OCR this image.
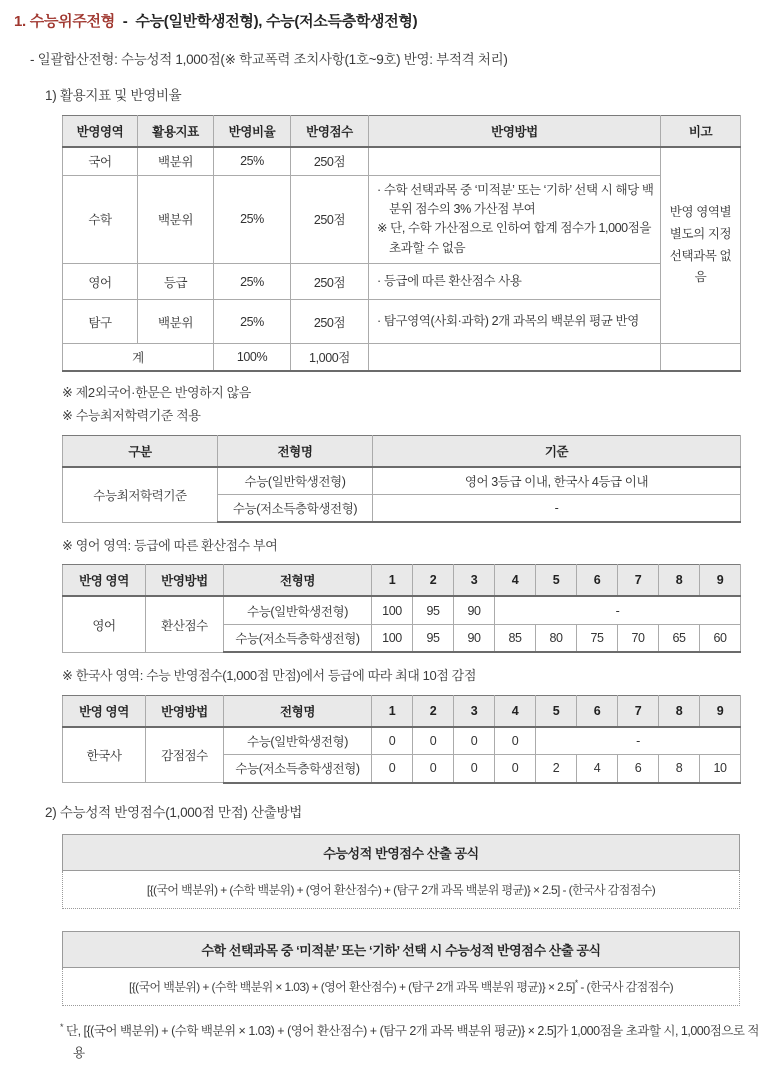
1. 수능위주전형 - 수능(일반학생전형), 수능(저소득층학생전형)
- 일괄합산전형: 수능성적 1,000점(※ 학교폭력 조치사항(1호~9호) 반영: 부적격 처리)
1) 활용지표 및 반영비율
반영영역	활용지표	반영비율	반영점수	반영방법	비고
국어	백분위	25%	250점		반영 영역별 별도의 지정 선택과목 없음

수학	백분위	25%	250점	· 수학 선택과목 중 ‘미적분’ 또는 ‘기하’ 선택 시 해당 백분위 점수의 3% 가산점 부여
※ 단, 수학 가산점으로 인하여 합계 점수가 1,000점을 초과할 수 없음	

영어	등급	25%	250점	· 등급에 따른 환산점수 사용	

탐구	백분위	25%	250점	· 탐구영역(사회·과학) 2개 과목의 백분위 평균 반영	

계		100%	1,000점		
※ 제2외국어·한문은 반영하지 않음
※ 수능최저학력기준 적용
구분	전형명	기준
수능최저학력기준	수능(일반학생전형)	영어 3등급 이내, 한국사 4등급 이내
	수능(저소득층학생전형)	-
※ 영어 영역: 등급에 따른 환산점수 부여
반영 영역	반영방법	전형명	1	2	3	4	5	6	7	8	9
영어	환산점수	수능(일반학생전형)	100	95	90	-					
		수능(저소득층학생전형)	100	95	90	85	80	75	70	65	60
※ 한국사 영역: 수능 반영점수(1,000점 만점)에서 등급에 따라 최대 10점 감점
반영 영역	반영방법	전형명	1	2	3	4	5	6	7	8	9
한국사	감점점수	수능(일반학생전형)	0	0	0	0	-				
		수능(저소득층학생전형)	0	0	0	0	2	4	6	8	10
2) 수능성적 반영점수(1,000점 만점) 산출방법
수능성적 반영점수 산출 공식
[{(국어 백분위) + (수학 백분위) + (영어 환산점수) + (탐구 2개 과목 백분위 평균)} × 2.5] - (한국사 감점점수)
수학 선택과목 중 ‘미적분’ 또는 ‘기하’ 선택 시 수능성적 반영점수 산출 공식
[{(국어 백분위) + (수학 백분위 × 1.03) + (영어 환산점수) + (탐구 2개 과목 백분위 평균)} × 2.5]* - (한국사 감점점수)
* 단, [{(국어 백분위) + (수학 백분위 × 1.03) + (영어 환산점수) + (탐구 2개 과목 백분위 평균)} × 2.5]가 1,000점을 초과할 시, 1,000점으로 적용
